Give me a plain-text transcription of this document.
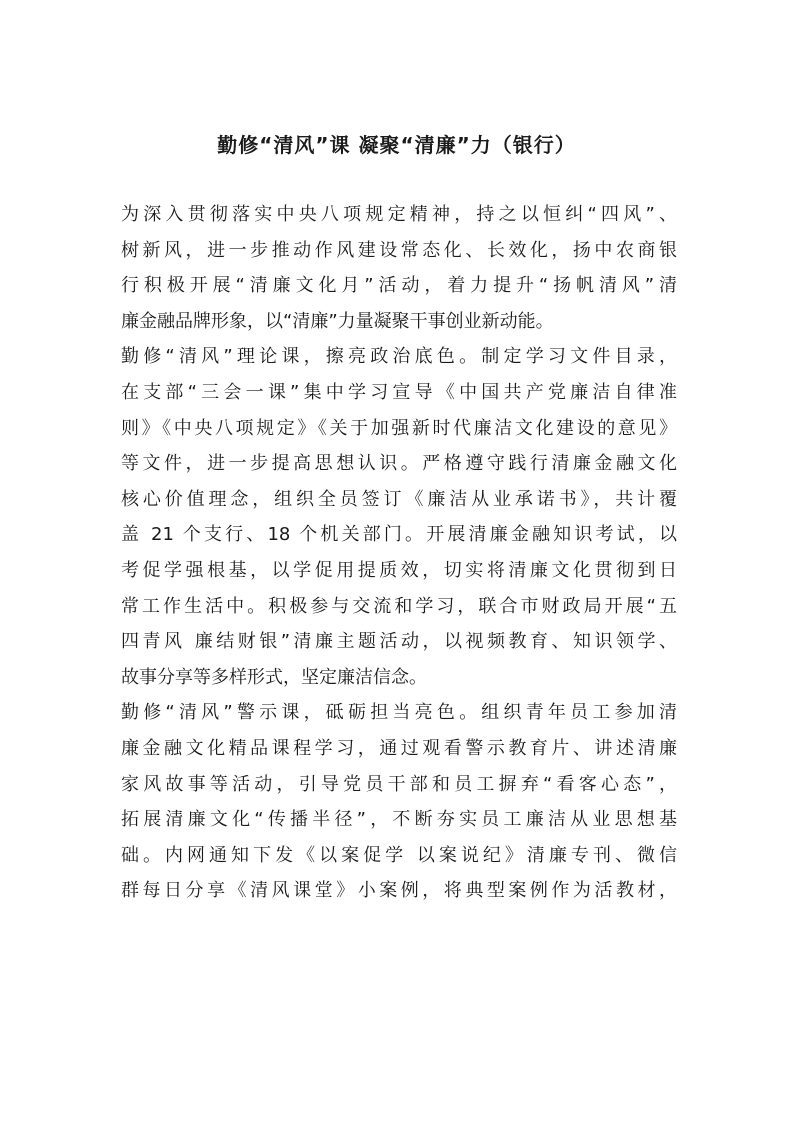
勤修“清风”课 凝聚“清廉”力（银行）
为深入贯彻落实中央八项规定精神，持之以恒纠“四风”、
树新风，进一步推动作风建设常态化、长效化，扬中农商银
行积极开展“清廉文化月”活动，着力提升“扬帆清风”清
廉金融品牌形象，以“清廉”力量凝聚干事创业新动能。
勤修“清风”理论课，擦亮政治底色。制定学习文件目录，
在支部“三会一课”集中学习宣导《中国共产党廉洁自律准
则》《中央八项规定》《关于加强新时代廉洁文化建设的意见》
等文件，进一步提高思想认识。严格遵守践行清廉金融文化
核心价值理念，组织全员签订《廉洁从业承诺书》，共计覆
盖 21 个支行、18 个机关部门。开展清廉金融知识考试，以
考促学强根基，以学促用提质效，切实将清廉文化贯彻到日
常工作生活中。积极参与交流和学习，联合市财政局开展“五
四青风 廉结财银”清廉主题活动，以视频教育、知识领学、
故事分享等多样形式，坚定廉洁信念。
勤修“清风”警示课，砥砺担当亮色。组织青年员工参加清
廉金融文化精品课程学习，通过观看警示教育片、讲述清廉
家风故事等活动，引导党员干部和员工摒弃“看客心态”，
拓展清廉文化“传播半径”，不断夯实员工廉洁从业思想基
础。内网通知下发《以案促学 以案说纪》清廉专刊、微信
群每日分享《清风课堂》小案例，将典型案例作为活教材，
